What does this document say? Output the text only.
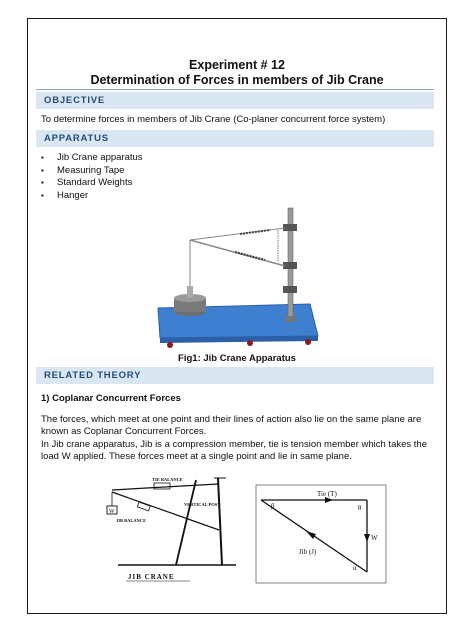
Experiment # 12
Determination of Forces in members of Jib Crane
OBJECTIVE
To determine forces in members of Jib Crane (Co-planer concurrent force system)
APPARATUS
▪ Jib Crane apparatus
▪ Measuring Tape
▪ Standard Weights
▪ Hanger
Fig1: Jib Crane Apparatus
RELATED THEORY
1) Coplanar Concurrent Forces
The forces, which meet at one point and their lines of action also lie on the same plane are known as Coplanar Concurrent Forces.
In Jib crane apparatus, Jib is a compression member, tie is tension member which takes the load W applied. These forces meet at a single point and lie in same plane.
W
TIE BALANCE
VERTICAL POST
JIB BALANCE
JIB CRANE
Tie (T)
β	θ
W
Jib (J)
α
